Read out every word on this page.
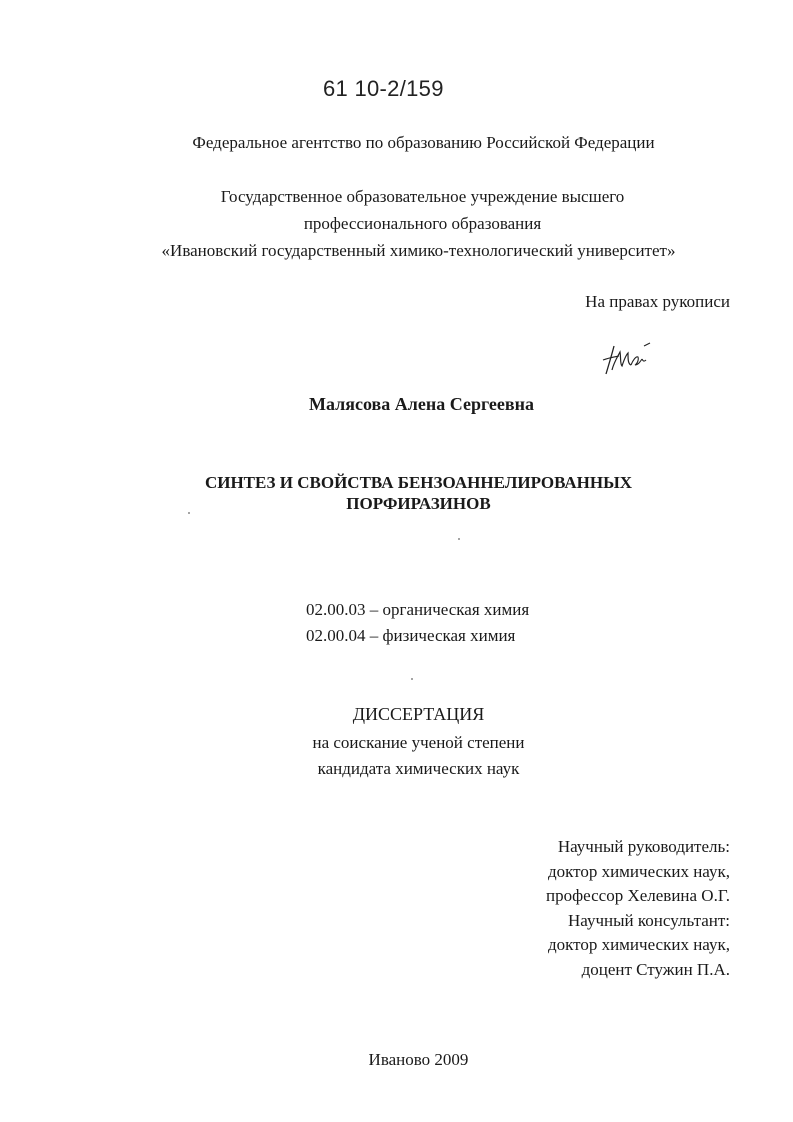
61 10-2/159
Федеральное агентство по образованию Российской Федерации
Государственное образовательное учреждение высшего
профессионального образования
«Ивановский государственный химико-технологический университет»
На правах рукописи
Малясова Алена Сергеевна
СИНТЕЗ И СВОЙСТВА БЕНЗОАННЕЛИРОВАННЫХ
ПОРФИРАЗИНОВ
02.00.03 – органическая химия
02.00.04 – физическая химия
ДИССЕРТАЦИЯ
на соискание ученой степени
кандидата химических наук
Научный руководитель:
доктор химических наук,
профессор Хелевина О.Г.
Научный консультант:
доктор химических наук,
доцент Стужин П.А.
Иваново 2009
